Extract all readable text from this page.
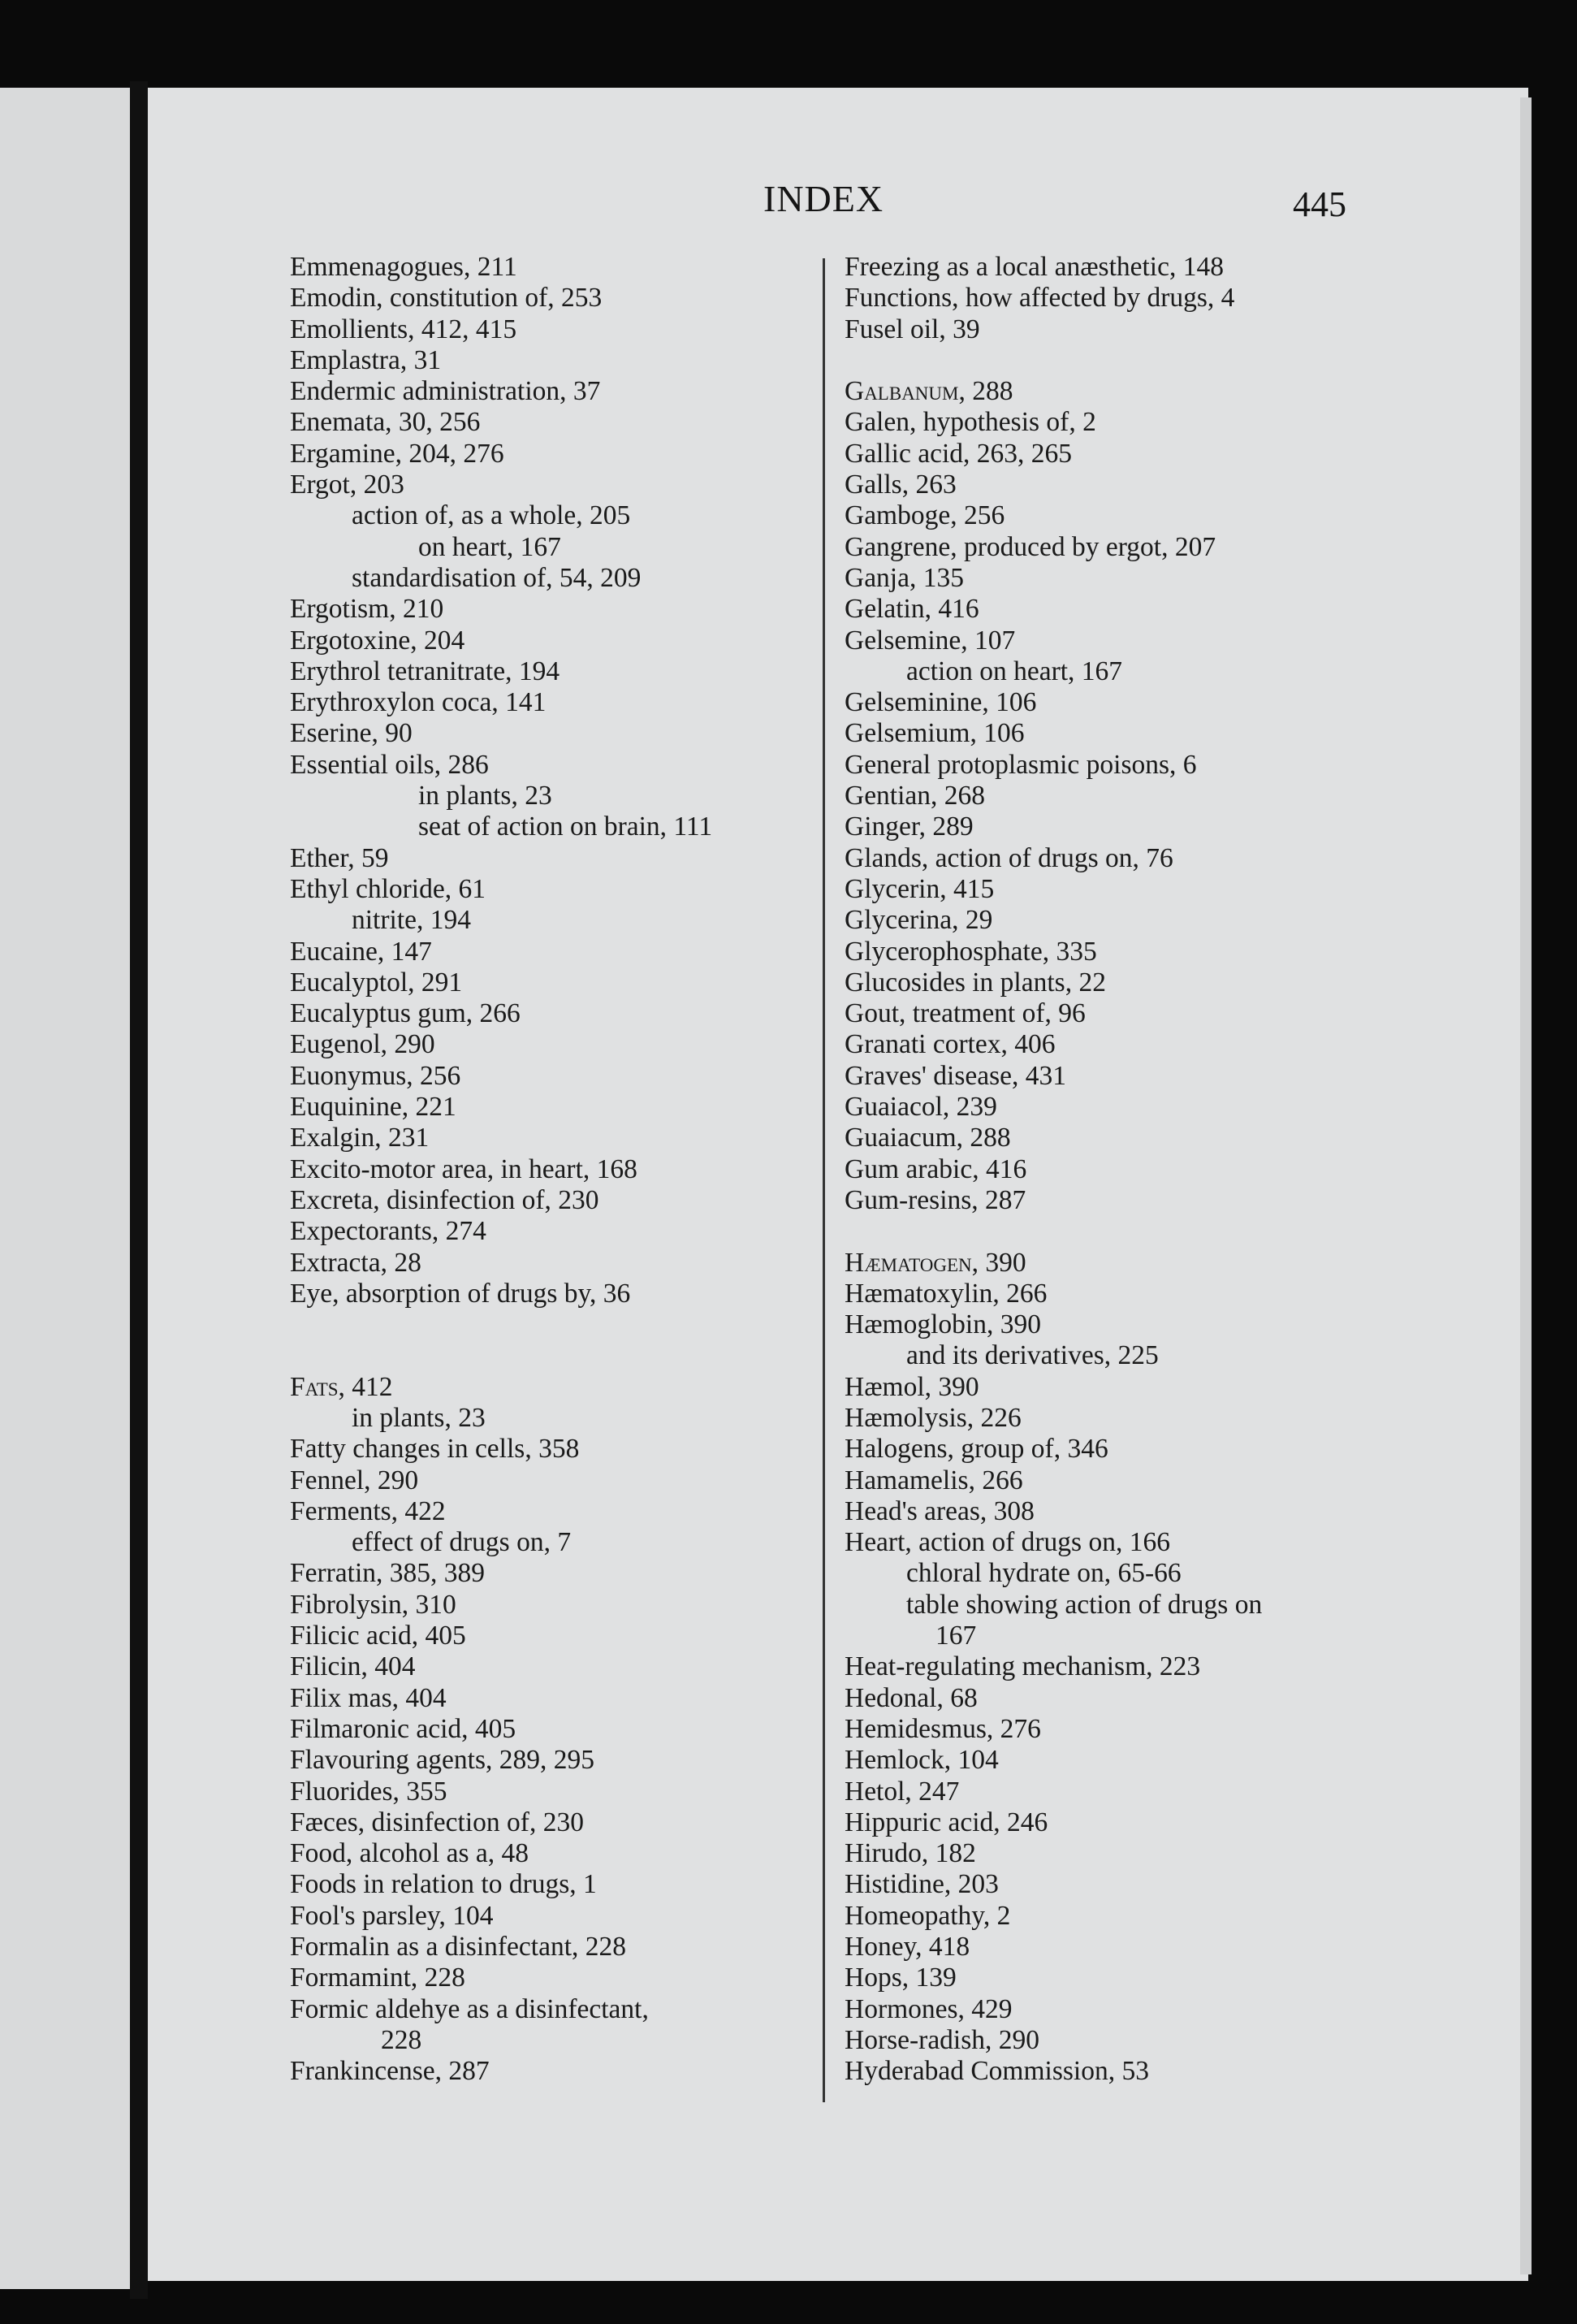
INDEX	445
Emmenagogues, 211
Emodin, constitution of, 253
Emollients, 412, 415
Emplastra, 31
Endermic administration, 37
Enemata, 30, 256
Ergamine, 204, 276
Ergot, 203
action of, as a whole, 205
on heart, 167
standardisation of, 54, 209
Ergotism, 210
Ergotoxine, 204
Erythrol tetranitrate, 194
Erythroxylon coca, 141
Eserine, 90
Essential oils, 286
in plants, 23
seat of action on brain, 111
Ether, 59
Ethyl chloride, 61
nitrite, 194
Eucaine, 147
Eucalyptol, 291
Eucalyptus gum, 266
Eugenol, 290
Euonymus, 256
Euquinine, 221
Exalgin, 231
Excito-motor area, in heart, 168
Excreta, disinfection of, 230
Expectorants, 274
Extracta, 28
Eye, absorption of drugs by, 36
Fats, 412
in plants, 23
Fatty changes in cells, 358
Fennel, 290
Ferments, 422
effect of drugs on, 7
Ferratin, 385, 389
Fibrolysin, 310
Filicic acid, 405
Filicin, 404
Filix mas, 404
Filmaronic acid, 405
Flavouring agents, 289, 295
Fluorides, 355
Fæces, disinfection of, 230
Food, alcohol as a, 48
Foods in relation to drugs, 1
Fool's parsley, 104
Formalin as a disinfectant, 228
Formamint, 228
Formic aldehye as a disinfectant,
228
Frankincense, 287
Freezing as a local anæsthetic, 148
Functions, how affected by drugs, 4
Fusel oil, 39
Galbanum, 288
Galen, hypothesis of, 2
Gallic acid, 263, 265
Galls, 263
Gamboge, 256
Gangrene, produced by ergot, 207
Ganja, 135
Gelatin, 416
Gelsemine, 107
action on heart, 167
Gelseminine, 106
Gelsemium, 106
General protoplasmic poisons, 6
Gentian, 268
Ginger, 289
Glands, action of drugs on, 76
Glycerin, 415
Glycerina, 29
Glycerophosphate, 335
Glucosides in plants, 22
Gout, treatment of, 96
Granati cortex, 406
Graves' disease, 431
Guaiacol, 239
Guaiacum, 288
Gum arabic, 416
Gum-resins, 287
Hæmatogen, 390
Hæmatoxylin, 266
Hæmoglobin, 390
and its derivatives, 225
Hæmol, 390
Hæmolysis, 226
Halogens, group of, 346
Hamamelis, 266
Head's areas, 308
Heart, action of drugs on, 166
chloral hydrate on, 65-66
table showing action of drugs on
167
Heat-regulating mechanism, 223
Hedonal, 68
Hemidesmus, 276
Hemlock, 104
Hetol, 247
Hippuric acid, 246
Hirudo, 182
Histidine, 203
Homeopathy, 2
Honey, 418
Hops, 139
Hormones, 429
Horse-radish, 290
Hyderabad Commission, 53
